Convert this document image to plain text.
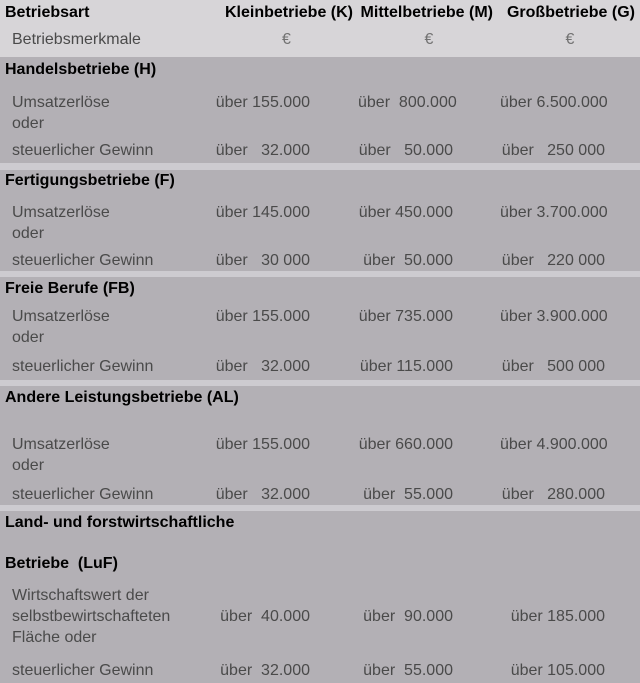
Betriebsart	Kleinbetriebe (K) Mittelbetriebe (M) Großbetriebe (G)
Betriebsmerkmale	€	€	€
Handelsbetriebe (H)
Umsatzerlöse	über 155.000	über  800.000	über 6.500.000
oder
steuerlicher Gewinn	über   32.000	über   50.000	über   250 000
Fertigungsbetriebe (F)
Umsatzerlöse	über 145.000	über 450.000	über 3.700.000
oder
steuerlicher Gewinn	über   30 000	über  50.000	über   220 000
Freie Berufe (FB)
Umsatzerlöse	über 155.000	über 735.000	über 3.900.000
oder
steuerlicher Gewinn	über   32.000	über 115.000	über   500 000
Andere Leistungsbetriebe (AL)
Umsatzerlöse	über 155.000	über 660.000	über 4.900.000
oder
steuerlicher Gewinn	über   32.000	über  55.000	über   280.000
Land- und forstwirtschaftliche
Betriebe  (LuF)
Wirtschaftswert der
selbstbewirtschafteten	über  40.000	über  90.000	über 185.000
Fläche oder
steuerlicher Gewinn	über  32.000	über  55.000	über 105.000
